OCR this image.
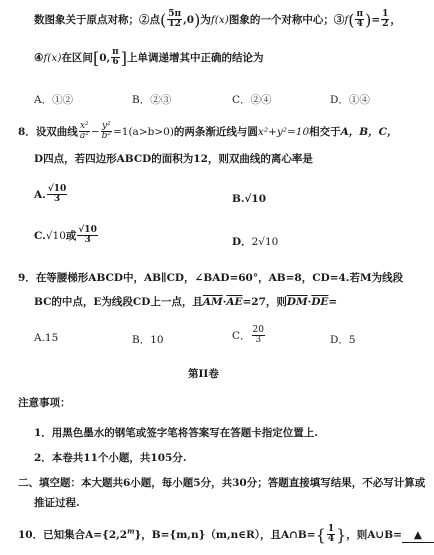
数图象关于原点对称；②点( $\frac{5\pi}{12} ,0$)为f(x)图象的一个对称中心；③f( $\frac{\pi}{4}$ )= $\frac{1}{2}$ ，
④f(x)在区间[0, $\frac{\pi}{6}$ ]上单调递增其中正确的结论为
A．①②	B．②③	C．②④	D．①④
8．设双曲线 $\frac{\text{x²}}{\text{a²}} - \frac{\text{y²}}{\text{b²}} =1(a>b>0)$的两条渐近线与圆x²+y²=10相交于A，B，C，
D四点，若四边形ABCD的面积为12，则双曲线的离心率是
A. $\frac{√10}{3}$	B.√10
C.√10或 $\frac{√10}{3}$	D．2√10
9．在等腰梯形ABCD中，AB∥CD，∠BAD=60°，AB=8，CD=4.若M为线段
BC的中点，E为线段CD上一点，且$\overline{AM}\cdot\overline{AE}=27$，则$\overline{DM}\cdot\overline{DE}=$
A.15	B．10	C． $\frac{20}{3}$	D．5
第II卷
注意事项：
1．用黑色墨水的钢笔或签字笔将答案写在答题卡指定位置上.
2．本卷共11个小题，共105分.
二、填空题：本大题共6小题，每小题5分，共30分；答题直接填写结果，不必写计算或
推证过程.
10．已知集合$A=\{2,2^m\}$，B={m,n}（m,n∈R），且A∩B={ $\frac{1}{4}$ }，则A∪B= ▲
